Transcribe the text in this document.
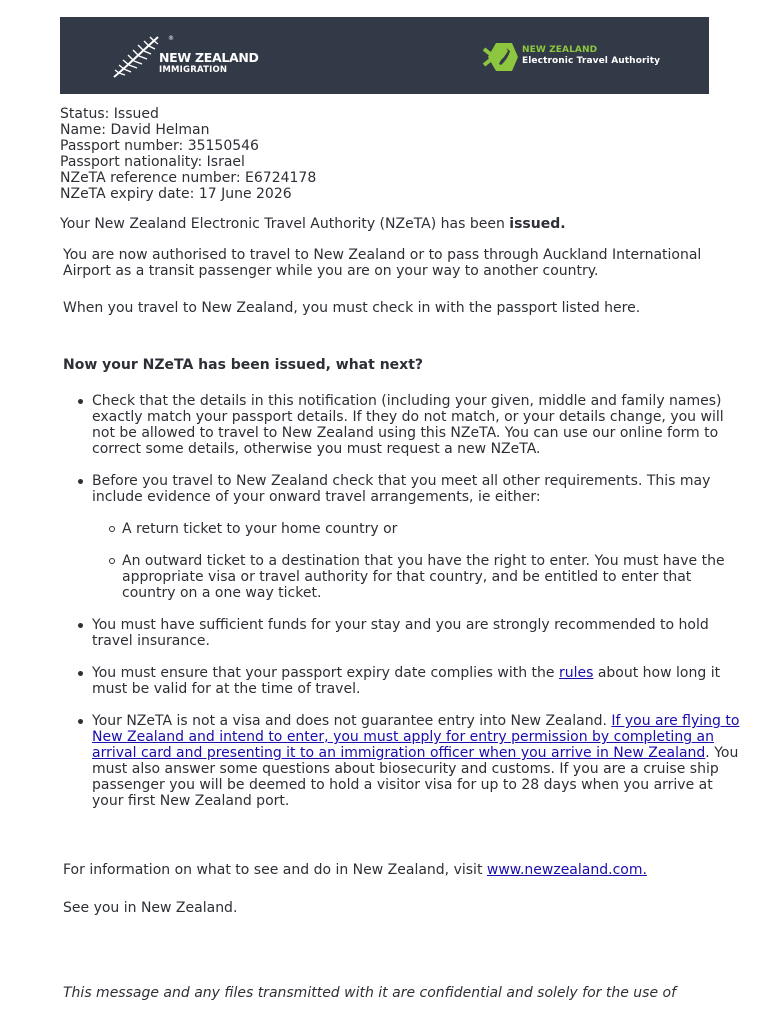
®
NEW ZEALAND
IMMIGRATION
NEW ZEALAND
Electronic Travel Authority
Status: Issued
Name: David Helman
Passport number: 35150546
Passport nationality: Israel
NZeTA reference number: E6724178
NZeTA expiry date: 17 June 2026

Your New Zealand Electronic Travel Authority (NZeTA) has been issued.

You are now authorised to travel to New Zealand or to pass through Auckland International Airport as a transit passenger while you are on your way to another country.

When you travel to New Zealand, you must check in with the passport listed here.

Now your NZeTA has been issued, what next?

Check that the details in this notification (including your given, middle and family names) exactly match your passport details. If they do not match, or your details change, you will not be allowed to travel to New Zealand using this NZeTA. You can use our online form to correct some details, otherwise you must request a new NZeTA.
Before you travel to New Zealand check that you meet all other requirements. This may include evidence of your onward travel arrangements, ie either:
A return ticket to your home country or
An outward ticket to a destination that you have the right to enter. You must have the appropriate visa or travel authority for that country, and be entitled to enter that country on a one way ticket.
You must have sufficient funds for your stay and you are strongly recommended to hold travel insurance.
You must ensure that your passport expiry date complies with the rules about how long it must be valid for at the time of travel.
Your NZeTA is not a visa and does not guarantee entry into New Zealand. If you are flying to New Zealand and intend to enter, you must apply for entry permission by completing an arrival card and presenting it to an immigration officer when you arrive in New Zealand. You must also answer some questions about biosecurity and customs. If you are a cruise ship passenger you will be deemed to hold a visitor visa for up to 28 days when you arrive at your first New Zealand port.

For information on what to see and do in New Zealand, visit www.newzealand.com.

See you in New Zealand.

This message and any files transmitted with it are confidential and solely for the use of
